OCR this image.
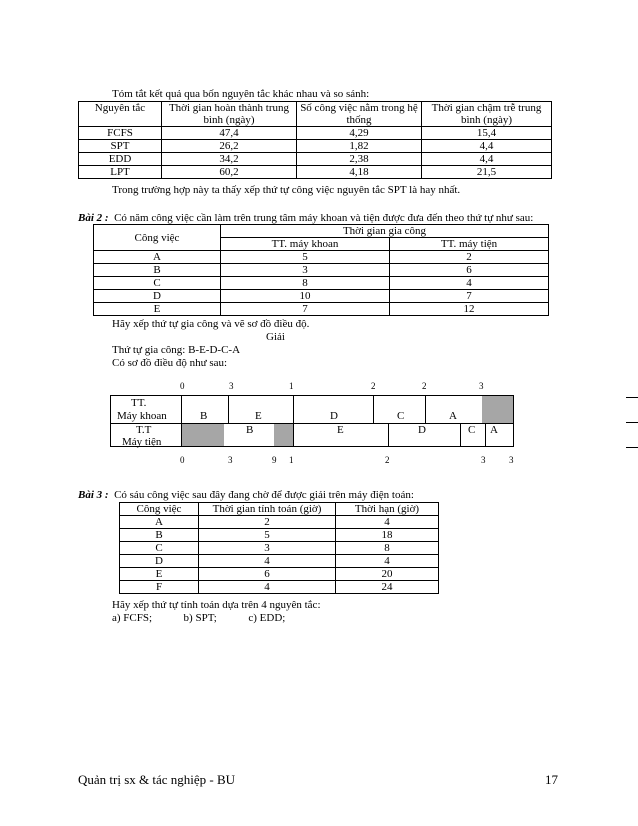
Tóm tắt kết quả qua bốn nguyên tắc khác nhau và so sánh:
Nguyên tắc	Thời gian hoàn thành trung bình (ngày)	Số công việc nằm trong hệ thống	Thời gian chậm trễ trung bình (ngày)
FCFS	47,4	4,29	15,4
SPT	26,2	1,82	4,4
EDD	34,2	2,38	4,4
LPT	60,2	4,18	21,5
Trong trường hợp này ta thấy xếp thứ tự công việc nguyên tắc SPT là hay nhất.
Bài 2 : Có năm công việc cần làm trên trung tâm máy khoan và tiện được đưa đến theo thứ tự như sau:
Công việc	Thời gian gia công	
	TT. máy khoan	TT. máy tiện
A	5	2
B	3	6
C	8	4
D	10	7
E	7	12
Hãy xếp thứ tự gia công và vẽ sơ đồ điều độ.
Giải
Thứ tự gia công: B-E-D-C-A
Có sơ đồ điều độ như sau:
0	3	1	2	2	3
TT.
Máy khoan	B	E	D	C	A
T.T
Máy tiện
B	E	D	C A
0	3	9 1	2	3	3
Bài 3 : Có sáu công việc sau đây đang chờ để được giải trên máy điện toán:
Công việc	Thời gian tính toán (giờ)	Thời hạn (giờ)
A	2	4
B	5	18
C	3	8
D	4	4
E	6	20
F	4	24
Hãy xếp thứ tự tính toán dựa trên 4 nguyên tắc:
a) FCFS;	b) SPT;	c) EDD;
Quản trị sx & tác nghiệp - BU	17
